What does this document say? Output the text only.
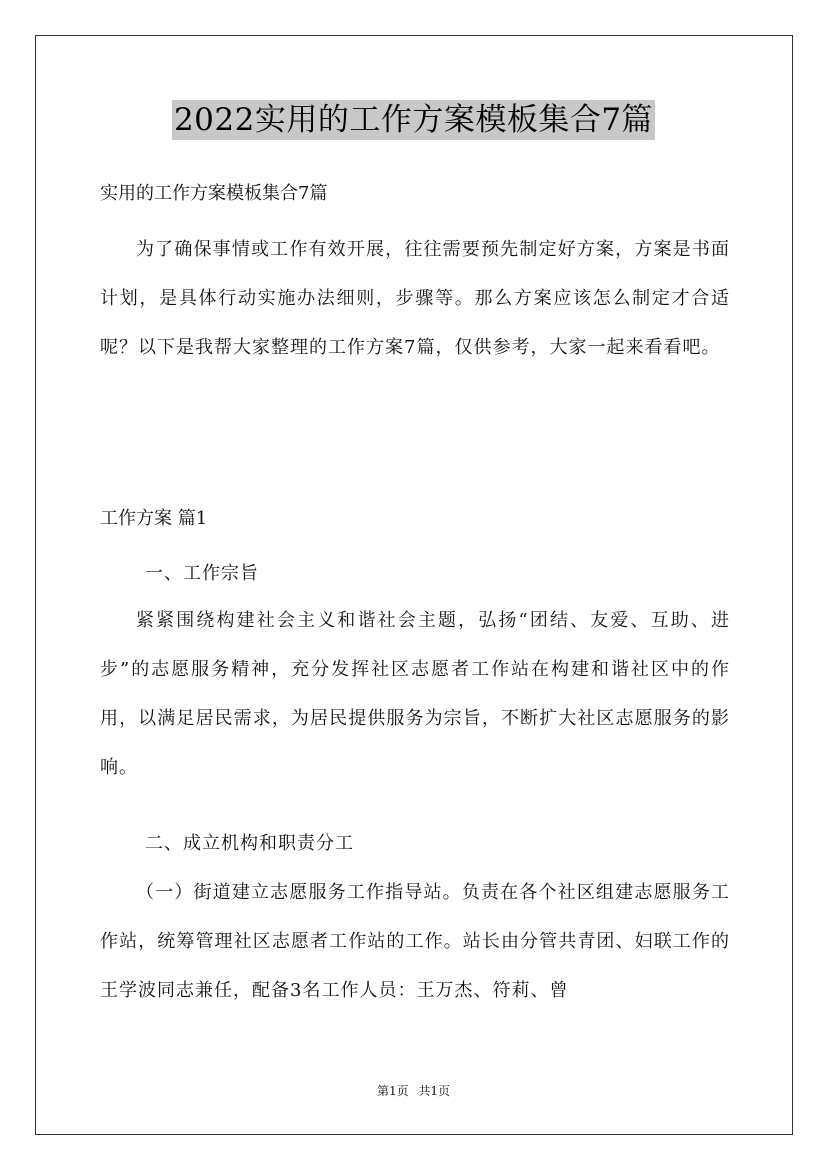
2022实用的工作方案模板集合7篇
实用的工作方案模板集合7篇

为了确保事情或工作有效开展，往往需要预先制定好方案，方案是书面计划，是具体行动实施办法细则，步骤等。那么方案应该怎么制定才合适呢？以下是我帮大家整理的工作方案7篇，仅供参考，大家一起来看看吧。

工作方案 篇1
一、工作宗旨

紧紧围绕构建社会主义和谐社会主题，弘扬“团结、友爱、互助、进步”的志愿服务精神，充分发挥社区志愿者工作站在构建和谐社区中的作用，以满足居民需求，为居民提供服务为宗旨，不断扩大社区志愿服务的影响。

二、成立机构和职责分工

（一）街道建立志愿服务工作指导站。负责在各个社区组建志愿服务工作站，统筹管理社区志愿者工作站的工作。站长由分管共青团、妇联工作的王学波同志兼任，配备3名工作人员：王万杰、符莉、曾

第1页 共1页
